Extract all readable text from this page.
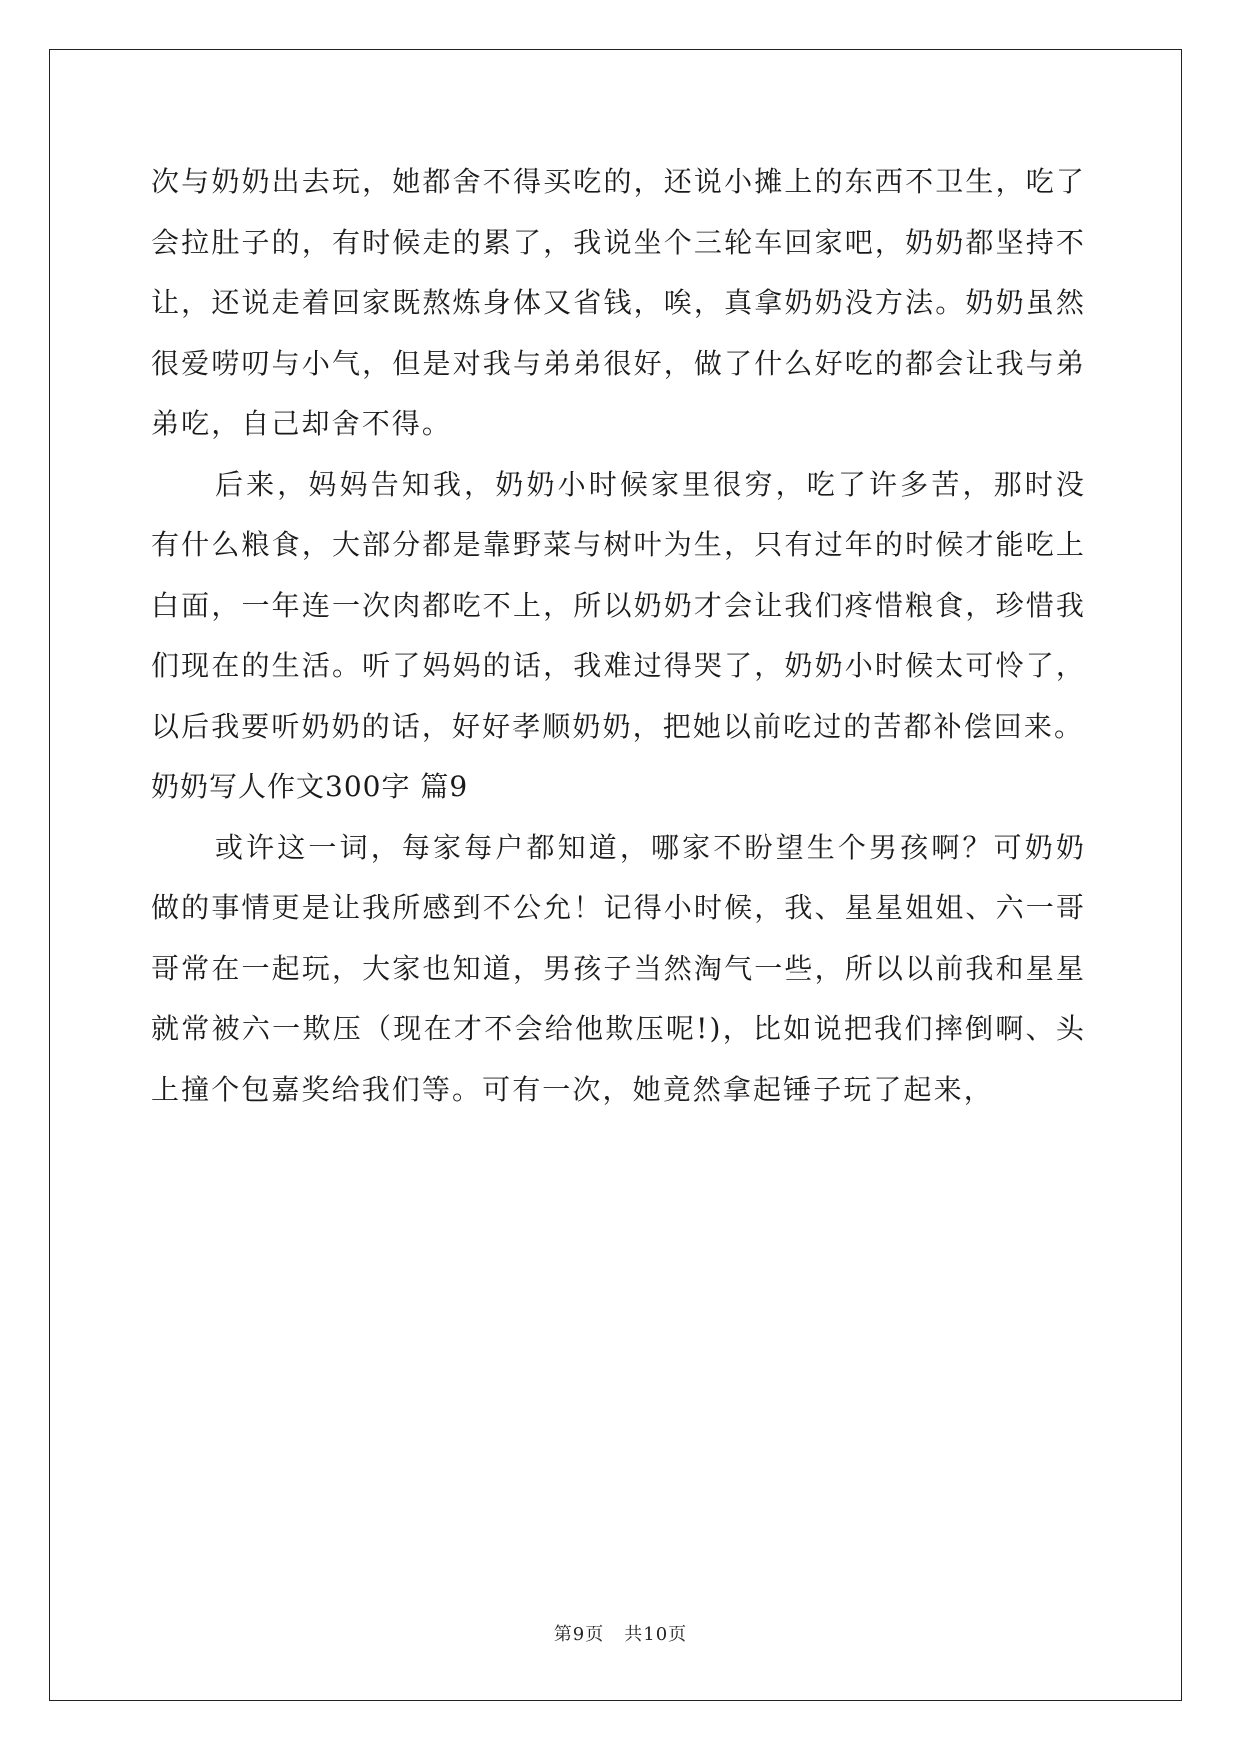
次与奶奶出去玩，她都舍不得买吃的，还说小摊上的东西不卫生，吃了会拉肚子的，有时候走的累了，我说坐个三轮车回家吧，奶奶都坚持不让，还说走着回家既熬炼身体又省钱，唉，真拿奶奶没方法。奶奶虽然很爱唠叨与小气，但是对我与弟弟很好，做了什么好吃的都会让我与弟弟吃，自己却舍不得。

后来，妈妈告知我，奶奶小时候家里很穷，吃了许多苦，那时没有什么粮食，大部分都是靠野菜与树叶为生，只有过年的时候才能吃上白面，一年连一次肉都吃不上，所以奶奶才会让我们疼惜粮食，珍惜我们现在的生活。听了妈妈的话，我难过得哭了，奶奶小时候太可怜了，以后我要听奶奶的话，好好孝顺奶奶，把她以前吃过的苦都补偿回来。

奶奶写人作文300字 篇9

或许这一词，每家每户都知道，哪家不盼望生个男孩啊？可奶奶做的事情更是让我所感到不公允！记得小时候，我、星星姐姐、六一哥哥常在一起玩，大家也知道，男孩子当然淘气一些，所以以前我和星星就常被六一欺压（现在才不会给他欺压呢!)，比如说把我们摔倒啊、头上撞个包嘉奖给我们等。可有一次，她竟然拿起锤子玩了起来，

第9页 共10页
